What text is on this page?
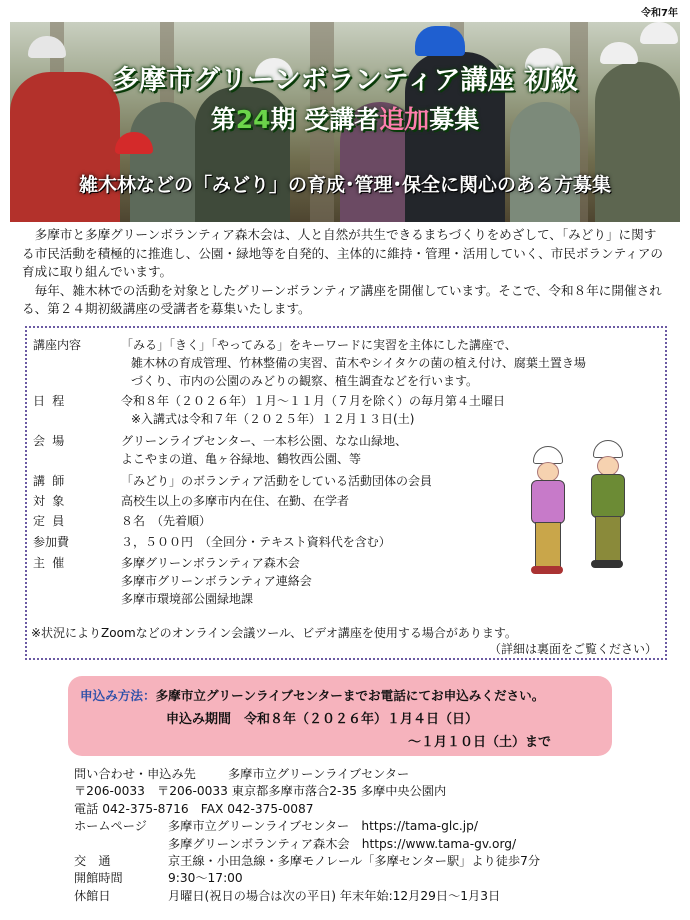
令和7年
多摩市グリーンボランティア講座 初級
第24期 受講者追加募集
雑木林などの「みどり」の育成･管理･保全に関心のある方募集

多摩市と多摩グリーンボランティア森木会は、人と自然が共生できるまちづくりをめざして、「みどり」に関する市民活動を積極的に推進し、公園・緑地等を自発的、主体的に維持・管理・活用していく、市民ボランティアの育成に取り組んでいます。

毎年、雑木林での活動を対象としたグリーンボランティア講座を開催しています。そこで、令和８年に開催される、第２４期初級講座の受講者を募集いたします。

講座内容	「みる」「きく」「やってみる」をキーワードに実習を主体にした講座で、
雑木林の育成管理、竹林整備の実習、苗木やシイタケの菌の植え付け、腐葉土置き場
づくり、市内の公園のみどりの観察、植生調査などを行います。
日程	令和８年（２０２６年）１月～１１月（７月を除く）の毎月第４土曜日
※入講式は令和７年（２０２５年）１２月１３日(土)
会場	グリーンライブセンター、一本杉公園、なな山緑地、
よこやまの道、亀ヶ谷緑地、鶴牧西公園、等
講師	「みどり」のボランティア活動をしている活動団体の会員
対象	高校生以上の多摩市内在住、在勤、在学者
定員	８名　（先着順）
参加費	３，５００円　（全回分・テキスト資料代を含む）
主催	多摩グリーンボランティア森木会
多摩市グリーンボランティア連絡会
多摩市環境部公園緑地課
※状況によりZoomなどのオンライン会議ツール、ビデオ講座を使用する場合があります。
（詳細は裏面をご覧ください）
申込み方法：多摩市立グリーンライブセンターまでお電話にてお申込みください。
申込み期間　令和８年（２０２６年）１月４日（日）
～１月１０日（土）まで
問い合わせ・申込み先	多摩市立グリーンライブセンター
〒206-0033　〒206-0033 東京都多摩市落合2-35 多摩中央公園内
電話 042-375-8716　FAX 042-375-0087
ホームページ 多摩市立グリーンライブセンター　https://tama-glc.jp/
多摩グリーンボランティア森木会　https://www.tama-gv.org/
交　通	京王線・小田急線・多摩モノレール「多摩センター駅」より徒歩7分
開館時間	9:30～17:00
休館日	月曜日(祝日の場合は次の平日) 年末年始:12月29日～1月3日
